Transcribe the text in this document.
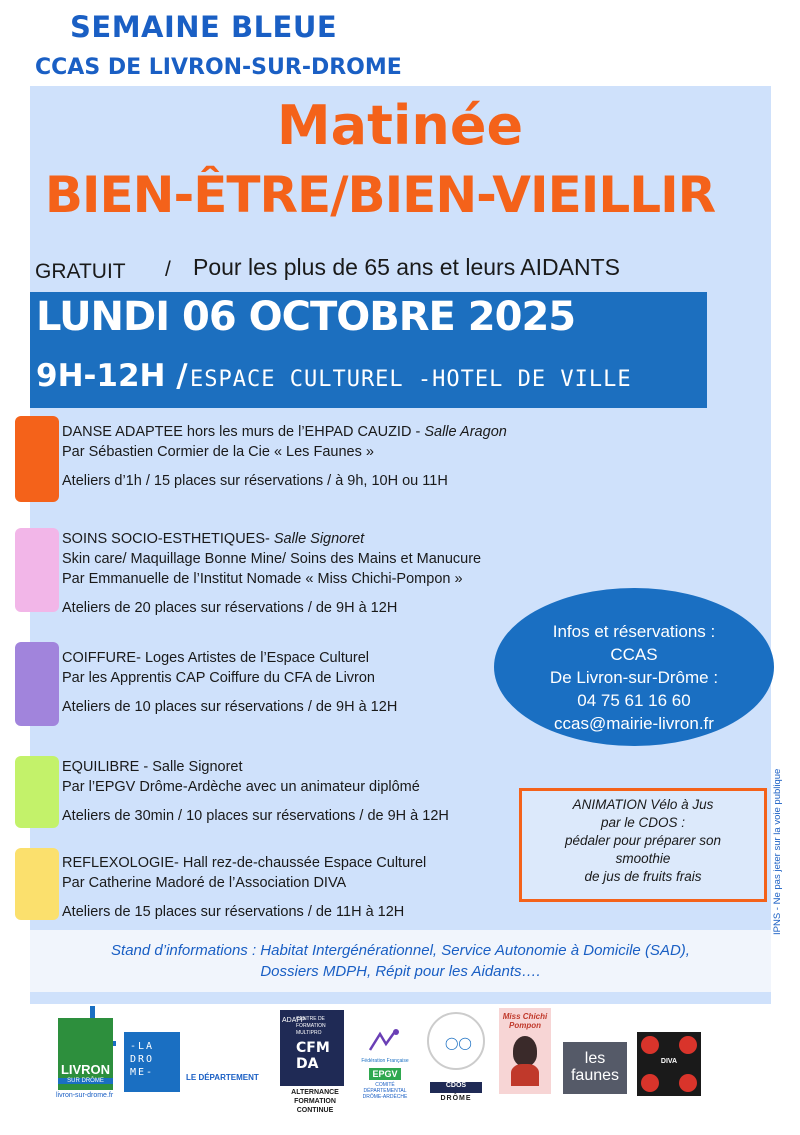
SEMAINE BLEUE
CCAS DE LIVRON-SUR-DROME
Matinée
BIEN-ÊTRE/BIEN-VIEILLIR
GRATUIT / Pour les plus de 65 ans et leurs AIDANTS
LUNDI 06 OCTOBRE 2025
9H-12H / ESPACE CULTUREL -HOTEL DE VILLE
DANSE ADAPTEE hors les murs de l’EHPAD CAUZID - Salle Aragon
Par Sébastien Cormier de la Cie « Les Faunes »
Ateliers d’1h / 15 places sur réservations / à 9h, 10H ou 11H
SOINS SOCIO-ESTHETIQUES- Salle Signoret
Skin care/ Maquillage Bonne Mine/ Soins des Mains et Manucure
Par Emmanuelle de l’Institut Nomade « Miss Chichi-Pompon »
Ateliers de 20 places sur réservations / de 9H à 12H
COIFFURE- Loges Artistes de l’Espace Culturel
Par les Apprentis CAP Coiffure du CFA de Livron
Ateliers de 10 places sur réservations / de 9H à 12H
EQUILIBRE - Salle Signoret
Par l’EPGV Drôme-Ardèche avec un animateur diplômé
Ateliers de 30min / 10 places sur réservations / de 9H à 12H
REFLEXOLOGIE- Hall rez-de-chaussée Espace Culturel
Par Catherine Madoré de l’Association DIVA
Ateliers de 15 places sur réservations / de 11H à 12H
Infos et réservations :
CCAS
De Livron-sur-Drôme :
04 75 61 16 60
ccas@mairie-livron.fr
ANIMATION Vélo à Jus
par le CDOS :
pédaler pour préparer son
smoothie
de jus de fruits frais
Stand d’informations : Habitat Intergénérationnel, Service Autonomie à Domicile (SAD),
Dossiers MDPH, Répit pour les Aidants….
IPNS - Ne pas jeter sur la voie publique
LIVRON
SUR DRÔME
livron-sur-drome.fr
-LA DRO ME-	LE DÉPARTEMENT
ADAFP
CENTRE DE FORMATION MULTIPRO
CFM DA
ALTERNANCE
FORMATION CONTINUE
Fédération Française
EPGV
COMITÉ DÉPARTEMENTAL DRÔME-ARDÈCHE
◯◯
CDOS
DRÔME
Miss Chichi Pompon
les faunes
DIVA
